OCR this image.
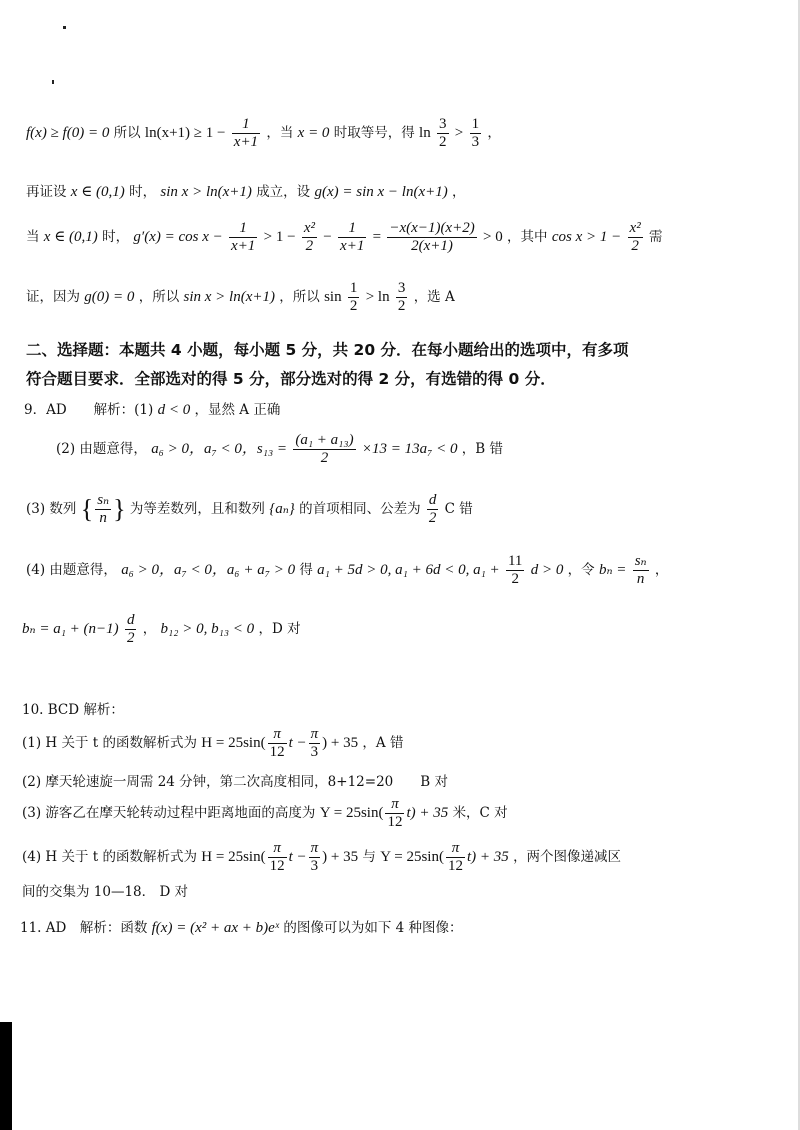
f(x) ≥ f(0) = 0 所以 $\ln(x+1) \ge 1 - \frac{1}{x+1}$ ，当 x = 0 时取等号，得 $\ln \frac{3}{2} > \frac{1}{3}$ ，
再证设 x ∈ (0,1) 时， sin x > ln(x+1) 成立，设 g(x) = sin x − ln(x+1) ，
当 x ∈ (0,1) 时， $g'(x) = \cos x - \frac{1}{x+1} > 1 - \frac{\text{x²}}{2} - \frac{1}{x+1} = \frac{-x(x-1)(x+2)}{2(x+1)} > 0$ ，其中 $\cos x > 1 - \frac{\text{x²}}{2}$ 需
证，因为 g(0) = 0 ，所以 sin x > ln(x+1) ，所以 $\sin \frac{1}{2} > \ln \frac{3}{2}$ ，选 A
二、选择题：本题共 4 小题，每小题 5 分，共 20 分．在每小题给出的选项中，有多项
符合题目要求．全部选对的得 5 分，部分选对的得 2 分，有选错的得 0 分．
9．AD　　解析：(1) d < 0 ，显然 A 正确
(2) 由题意得， a₆ > 0，a₇ < 0，$s_{13} = \frac{\text{(a₁ + a₁₃)}}{2} \times 13 = 13a_7 < 0$ ，B 错
(3) 数列 { $\frac{\text{sₙ}}{n}$ } 为等差数列，且和数列 {aₙ} 的首项相同、公差为 $\frac{d}{2}$ C 错
(4) 由题意得， a₆ > 0，a₇ < 0，a₆ + a₇ > 0 得 a₁ + 5d > 0, a₁ + 6d < 0, $a_1 + \frac{11}{2}$ d > 0 ，令 $b_n = \frac{\text{sₙ}}{n}$ ，
$b_n = a_1 + (n-1) \frac{d}{2}$ ， b₁₂ > 0, b₁₃ < 0 ，D 对
10. BCD 解析：
(1) H 关于 t 的函数解析式为 $H = 25\sin( \frac{\pi}{12}$ $t - \frac{\pi}{3}$ ) + 35 ，A 错
(2) 摩天轮速旋一周需 24 分钟，第二次高度相同，8+12=20　　B 对
(3) 游客乙在摩天轮转动过程中距离地面的高度为 $Y = 25\sin( \frac{\pi}{12} t) + 35$ 米，C 对
(4) H 关于 t 的函数解析式为 $H = 25\sin( \frac{\pi}{12}$ $t - \frac{\pi}{3}$ ) + 35 与 $Y = 25\sin( \frac{\pi}{12} t) + 35$ ，两个图像递减区
间的交集为 10—18． D 对
11. AD　解析：函数 f(x) = (x² + ax + b)eˣ 的图像可以为如下 4 种图像：
